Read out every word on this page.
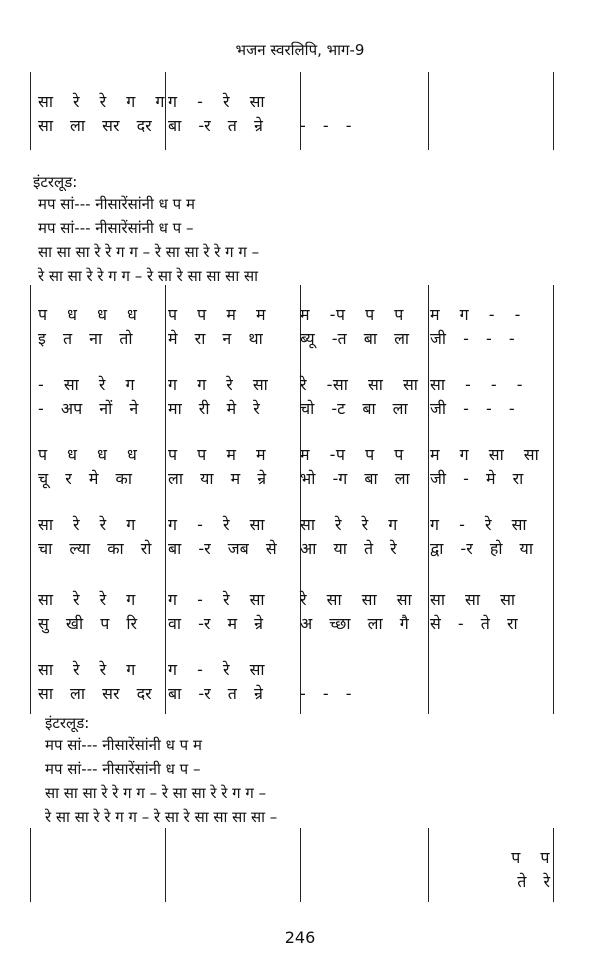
भजन स्वरलिपि, भाग-9
सा रे रे ग ग
सा ला सर दर
ग - रे सा
बा -र त न्रे	- - -
प ध ध ध
इ त ना तो
प प म म
मे रा न था
म -प प प
ब्यू -त बा ला
म ग - -
जी - - -
- सा रे ग
- अप नों ने
ग ग रे सा
मा री मे रे
रे -सा सा सा
चो -ट बा ला
सा - - -
जी - - -
प ध ध ध
चू र मे का
प प म म
ला या म न्रे
म -प प प
भो -ग बा ला
म ग सा सा
जी - मे रा
सा रे रे ग
चा ल्या का रो
ग - रे सा
बा -र जब से
सा रे रे ग
आ या ते रे
ग - रे सा
द्वा -र हो या
सा रे रे ग
सु खी प रि
ग - रे सा
वा -र म न्रे
रे सा सा सा
अ च्छा ला गै
सा सा सा
से - ते रा
सा रे रे ग
सा ला सर दर
ग - रे सा
बा -र त न्रे	- - -
प प
ते रे
इंटरलूड:
मप सां--- नीसारेंसांनी ध प म
मप सां--- नीसारेंसांनी ध प –
सा सा सा रे रे ग ग – रे सा सा रे रे ग ग –
रे सा सा रे रे ग ग – रे सा रे सा सा सा सा
इंटरलूड:
मप सां--- नीसारेंसांनी ध प म
मप सां--- नीसारेंसांनी ध प –
सा सा सा रे रे ग ग – रे सा सा रे रे ग ग –
रे सा सा रे रे ग ग – रे सा रे सा सा सा सा –
246
